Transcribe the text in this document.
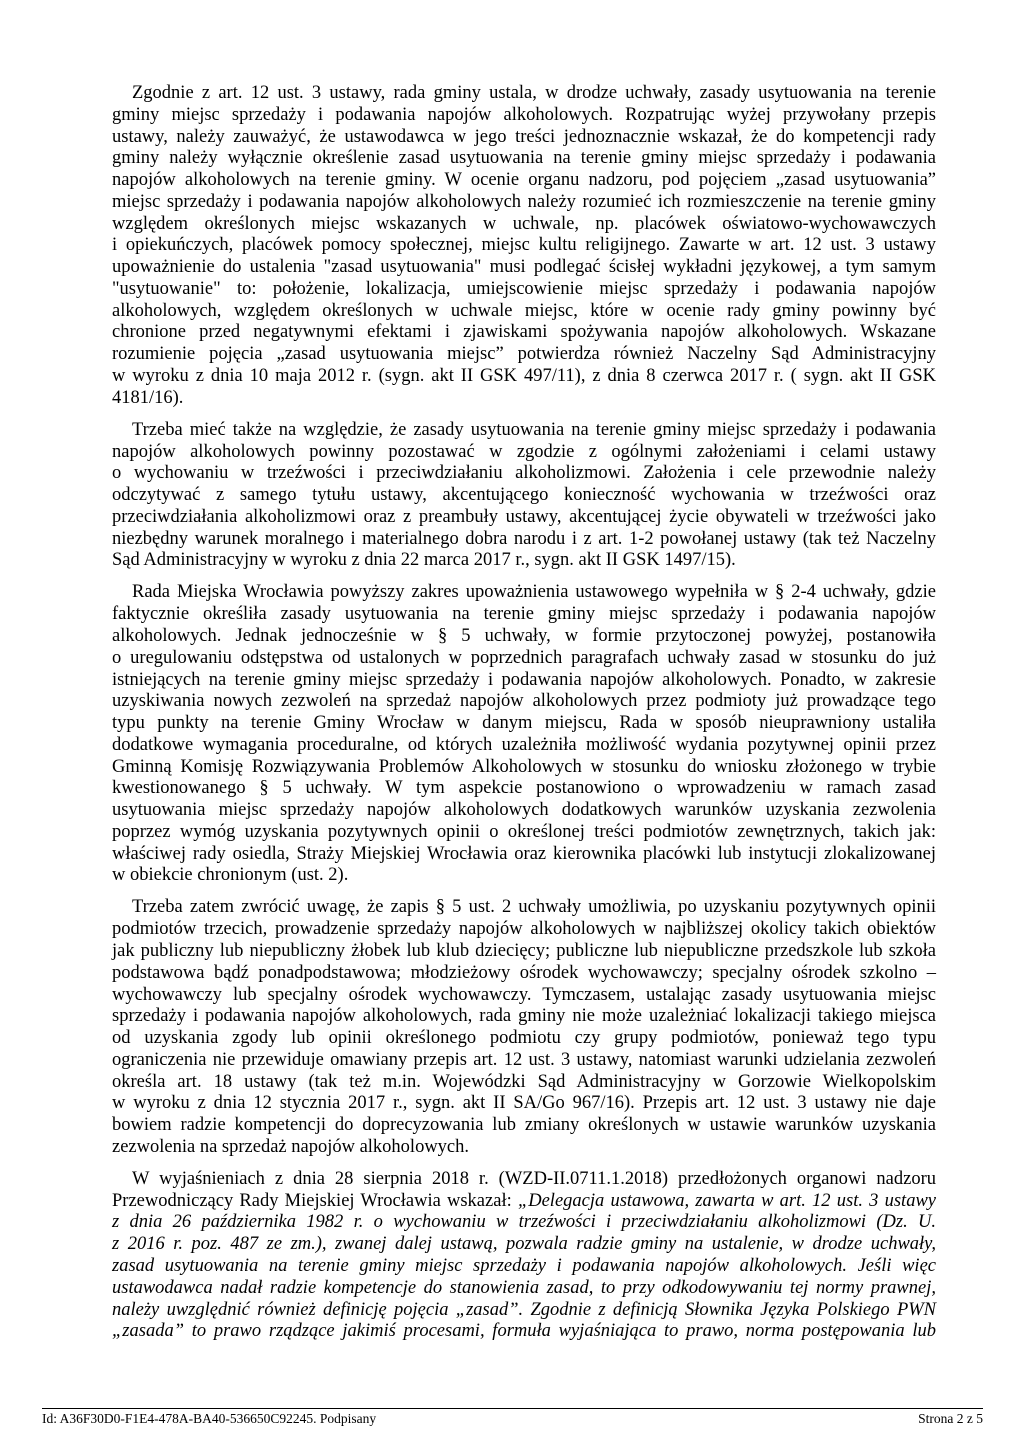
Zgodnie z art. 12 ust. 3 ustawy, rada gminy ustala, w drodze uchwały, zasady usytuowania na terenie
gminy miejsc sprzedaży i podawania napojów alkoholowych. Rozpatrując wyżej przywołany przepis
ustawy, należy zauważyć, że ustawodawca w jego treści jednoznacznie wskazał, że do kompetencji rady
gminy należy wyłącznie określenie zasad usytuowania na terenie gminy miejsc sprzedaży i podawania
napojów alkoholowych na terenie gminy. W ocenie organu nadzoru, pod pojęciem „zasad usytuowania”
miejsc sprzedaży i podawania napojów alkoholowych należy rozumieć ich rozmieszczenie na terenie gminy
względem określonych miejsc wskazanych w uchwale, np. placówek oświatowo-wychowawczych
i opiekuńczych, placówek pomocy społecznej, miejsc kultu religijnego. Zawarte w art. 12 ust. 3 ustawy
upoważnienie do ustalenia "zasad usytuowania" musi podlegać ścisłej wykładni językowej, a tym samym
"usytuowanie" to: położenie, lokalizacja, umiejscowienie miejsc sprzedaży i podawania napojów
alkoholowych, względem określonych w uchwale miejsc, które w ocenie rady gminy powinny być
chronione przed negatywnymi efektami i zjawiskami spożywania napojów alkoholowych. Wskazane
rozumienie pojęcia „zasad usytuowania miejsc” potwierdza również Naczelny Sąd Administracyjny
w wyroku z dnia 10 maja 2012 r. (sygn. akt II GSK 497/11), z dnia 8 czerwca 2017 r. ( sygn. akt II GSK
4181/16).
Trzeba mieć także na względzie, że zasady usytuowania na terenie gminy miejsc sprzedaży i podawania
napojów alkoholowych powinny pozostawać w zgodzie z ogólnymi założeniami i celami ustawy
o wychowaniu w trzeźwości i przeciwdziałaniu alkoholizmowi. Założenia i cele przewodnie należy
odczytywać z samego tytułu ustawy, akcentującego konieczność wychowania w trzeźwości oraz
przeciwdziałania alkoholizmowi oraz z preambuły ustawy, akcentującej życie obywateli w trzeźwości jako
niezbędny warunek moralnego i materialnego dobra narodu i z art. 1-2 powołanej ustawy (tak też Naczelny
Sąd Administracyjny w wyroku z dnia 22 marca 2017 r., sygn. akt II GSK 1497/15).
Rada Miejska Wrocławia powyższy zakres upoważnienia ustawowego wypełniła w § 2-4 uchwały, gdzie
faktycznie określiła zasady usytuowania na terenie gminy miejsc sprzedaży i podawania napojów
alkoholowych. Jednak jednocześnie w § 5 uchwały, w formie przytoczonej powyżej, postanowiła
o uregulowaniu odstępstwa od ustalonych w poprzednich paragrafach uchwały zasad w stosunku do już
istniejących na terenie gminy miejsc sprzedaży i podawania napojów alkoholowych. Ponadto, w zakresie
uzyskiwania nowych zezwoleń na sprzedaż napojów alkoholowych przez podmioty już prowadzące tego
typu punkty na terenie Gminy Wrocław w danym miejscu, Rada w sposób nieuprawniony ustaliła
dodatkowe wymagania proceduralne, od których uzależniła możliwość wydania pozytywnej opinii przez
Gminną Komisję Rozwiązywania Problemów Alkoholowych w stosunku do wniosku złożonego w trybie
kwestionowanego § 5 uchwały. W tym aspekcie postanowiono o wprowadzeniu w ramach zasad
usytuowania miejsc sprzedaży napojów alkoholowych dodatkowych warunków uzyskania zezwolenia
poprzez wymóg uzyskania pozytywnych opinii o określonej treści podmiotów zewnętrznych, takich jak:
właściwej rady osiedla, Straży Miejskiej Wrocławia oraz kierownika placówki lub instytucji zlokalizowanej
w obiekcie chronionym (ust. 2).
Trzeba zatem zwrócić uwagę, że zapis § 5 ust. 2 uchwały umożliwia, po uzyskaniu pozytywnych opinii
podmiotów trzecich, prowadzenie sprzedaży napojów alkoholowych w najbliższej okolicy takich obiektów
jak publiczny lub niepubliczny żłobek lub klub dziecięcy; publiczne lub niepubliczne przedszkole lub szkoła
podstawowa bądź ponadpodstawowa; młodzieżowy ośrodek wychowawczy; specjalny ośrodek szkolno –
wychowawczy lub specjalny ośrodek wychowawczy. Tymczasem, ustalając zasady usytuowania miejsc
sprzedaży i podawania napojów alkoholowych, rada gminy nie może uzależniać lokalizacji takiego miejsca
od uzyskania zgody lub opinii określonego podmiotu czy grupy podmiotów, ponieważ tego typu
ograniczenia nie przewiduje omawiany przepis art. 12 ust. 3 ustawy, natomiast warunki udzielania zezwoleń
określa art. 18 ustawy (tak też m.in. Wojewódzki Sąd Administracyjny w Gorzowie Wielkopolskim
w wyroku z dnia 12 stycznia 2017 r., sygn. akt II SA/Go 967/16). Przepis art. 12 ust. 3 ustawy nie daje
bowiem radzie kompetencji do doprecyzowania lub zmiany określonych w ustawie warunków uzyskania
zezwolenia na sprzedaż napojów alkoholowych.
W wyjaśnieniach z dnia 28 sierpnia 2018 r. (WZD-II.0711.1.2018) przedłożonych organowi nadzoru
Przewodniczący Rady Miejskiej Wrocławia wskazał: „Delegacja ustawowa, zawarta w art. 12 ust. 3 ustawy
z dnia 26 października 1982 r. o wychowaniu w trzeźwości i przeciwdziałaniu alkoholizmowi (Dz. U.
z 2016 r. poz. 487 ze zm.), zwanej dalej ustawą, pozwala radzie gminy na ustalenie, w drodze uchwały,
zasad usytuowania na terenie gminy miejsc sprzedaży i podawania napojów alkoholowych. Jeśli więc
ustawodawca nadał radzie kompetencje do stanowienia zasad, to przy odkodowywaniu tej normy prawnej,
należy uwzględnić również definicję pojęcia „zasad”. Zgodnie z definicją Słownika Języka Polskiego PWN
„zasada” to prawo rządzące jakimiś procesami, formuła wyjaśniająca to prawo, norma postępowania lub
Id: A36F30D0-F1E4-478A-BA40-536650C92245. Podpisany	Strona 2 z 5
